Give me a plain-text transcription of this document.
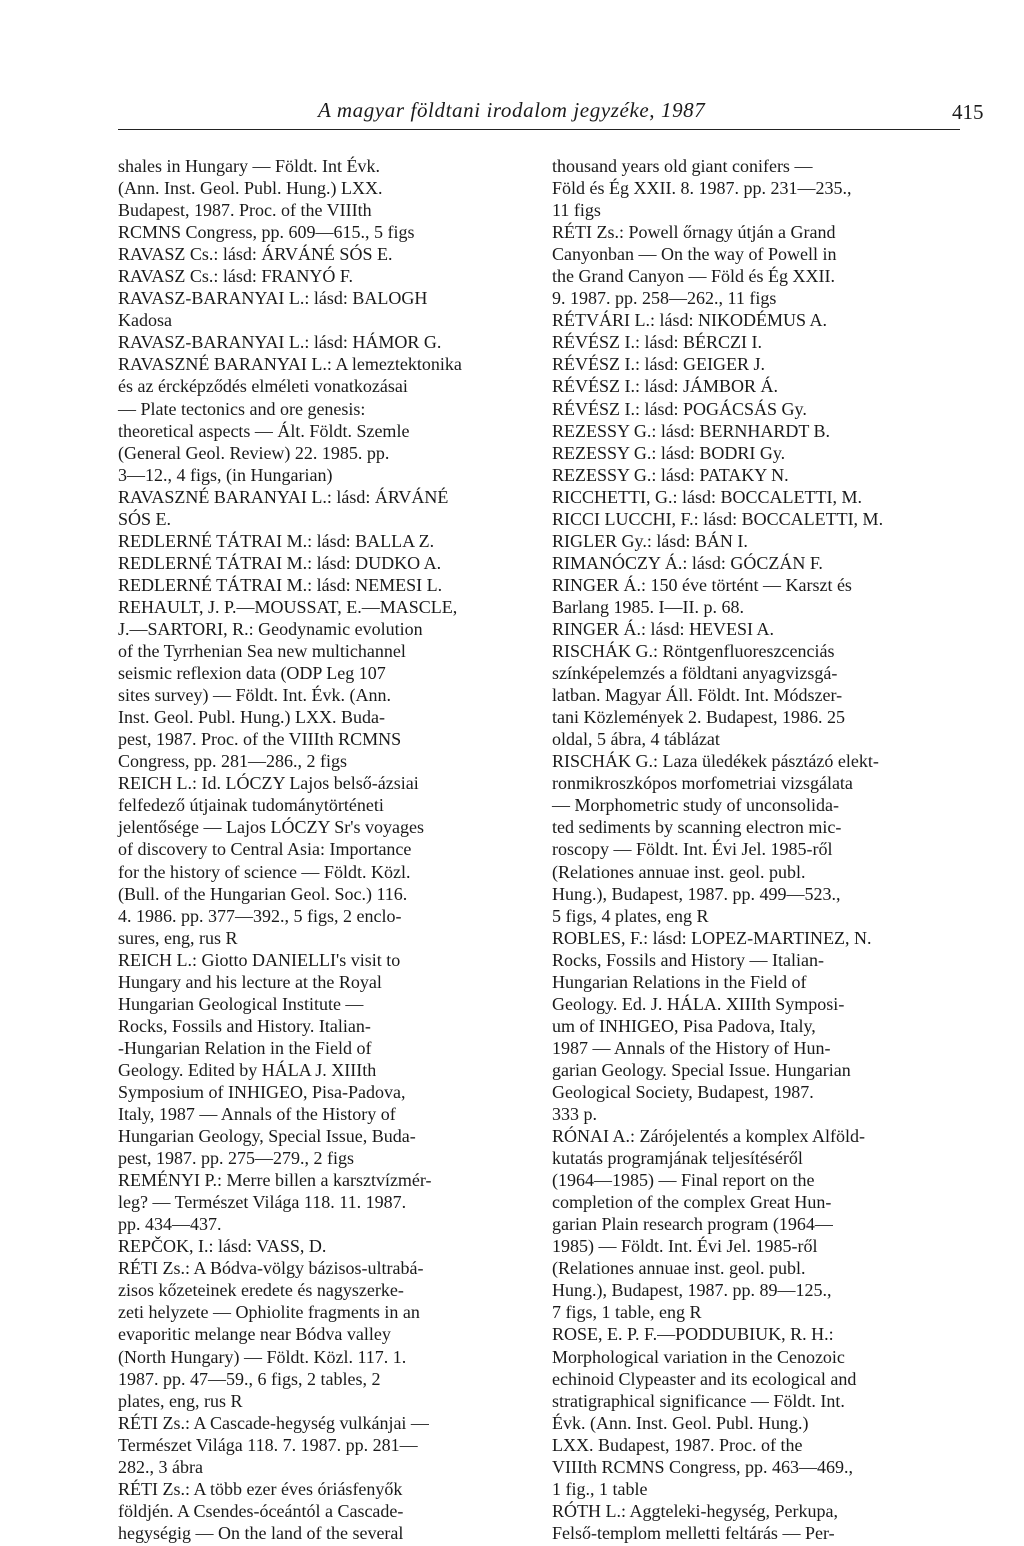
A magyar földtani irodalom jegyzéke, 1987	415
shales in Hungary — Földt. Int Évk.
(Ann. Inst. Geol. Publ. Hung.) LXX.
Budapest, 1987. Proc. of the VIIIth
RCMNS Congress, pp. 609—615., 5 figs
RAVASZ Cs.: lásd: ÁRVÁNÉ SÓS E.
RAVASZ Cs.: lásd: FRANYÓ F.
RAVASZ-BARANYAI L.: lásd: BALOGH
Kadosa
RAVASZ-BARANYAI L.: lásd: HÁMOR G.
RAVASZNÉ BARANYAI L.: A lemeztektonika
és az ércképződés elméleti vonatkozásai
— Plate tectonics and ore genesis:
theoretical aspects — Ált. Földt. Szemle
(General Geol. Review) 22. 1985. pp.
3—12., 4 figs, (in Hungarian)
RAVASZNÉ BARANYAI L.: lásd: ÁRVÁNÉ
SÓS E.
REDLERNÉ TÁTRAI M.: lásd: BALLA Z.
REDLERNÉ TÁTRAI M.: lásd: DUDKO A.
REDLERNÉ TÁTRAI M.: lásd: NEMESI L.
REHAULT, J. P.—MOUSSAT, E.—MASCLE,
J.—SARTORI, R.: Geodynamic evolution
of the Tyrrhenian Sea new multichannel
seismic reflexion data (ODP Leg 107
sites survey) — Földt. Int. Évk. (Ann.
Inst. Geol. Publ. Hung.) LXX. Buda-
pest, 1987. Proc. of the VIIIth RCMNS
Congress, pp. 281—286., 2 figs
REICH L.: Id. LÓCZY Lajos belső-ázsiai
felfedező útjainak tudománytörténeti
jelentősége — Lajos LÓCZY Sr's voyages
of discovery to Central Asia: Importance
for the history of science — Földt. Közl.
(Bull. of the Hungarian Geol. Soc.) 116.
4. 1986. pp. 377—392., 5 figs, 2 enclo-
sures, eng, rus R
REICH L.: Giotto DANIELLI's visit to
Hungary and his lecture at the Royal
Hungarian Geological Institute —
Rocks, Fossils and History. Italian-
-Hungarian Relation in the Field of
Geology. Edited by HÁLA J. XIIIth
Symposium of INHIGEO, Pisa-Padova,
Italy, 1987 — Annals of the History of
Hungarian Geology, Special Issue, Buda-
pest, 1987. pp. 275—279., 2 figs
REMÉNYI P.: Merre billen a karsztvízmér-
leg? — Természet Világa 118. 11. 1987.
pp. 434—437.
REPČOK, I.: lásd: VASS, D.
RÉTI Zs.: A Bódva-völgy bázisos-ultrabá-
zisos kőzeteinek eredete és nagyszerke-
zeti helyzete — Ophiolite fragments in an
evaporitic melange near Bódva valley
(North Hungary) — Földt. Közl. 117. 1.
1987. pp. 47—59., 6 figs, 2 tables, 2
plates, eng, rus R
RÉTI Zs.: A Cascade-hegység vulkánjai —
Természet Világa 118. 7. 1987. pp. 281—
282., 3 ábra
RÉTI Zs.: A több ezer éves óriásfenyők
földjén. A Csendes-óceántól a Cascade-
hegységig — On the land of the several
thousand years old giant conifers —
Föld és Ég XXII. 8. 1987. pp. 231—235.,
11 figs
RÉTI Zs.: Powell őrnagy útján a Grand
Canyonban — On the way of Powell in
the Grand Canyon — Föld és Ég XXII.
9. 1987. pp. 258—262., 11 figs
RÉTVÁRI L.: lásd: NIKODÉMUS A.
RÉVÉSZ I.: lásd: BÉRCZI I.
RÉVÉSZ I.: lásd: GEIGER J.
RÉVÉSZ I.: lásd: JÁMBOR Á.
RÉVÉSZ I.: lásd: POGÁCSÁS Gy.
REZESSY G.: lásd: BERNHARDT B.
REZESSY G.: lásd: BODRI Gy.
REZESSY G.: lásd: PATAKY N.
RICCHETTI, G.: lásd: BOCCALETTI, M.
RICCI LUCCHI, F.: lásd: BOCCALETTI, M.
RIGLER Gy.: lásd: BÁN I.
RIMANÓCZY Á.: lásd: GÓCZÁN F.
RINGER Á.: 150 éve történt — Karszt és
Barlang 1985. I—II. p. 68.
RINGER Á.: lásd: HEVESI A.
RISCHÁK G.: Röntgenfluoreszcenciás
színképelemzés a földtani anyagvizsgá-
latban. Magyar Áll. Földt. Int. Módszer-
tani Közlemények 2. Budapest, 1986. 25
oldal, 5 ábra, 4 táblázat
RISCHÁK G.: Laza üledékek pásztázó elekt-
ronmikroszkópos morfometriai vizsgálata
— Morphometric study of unconsolida-
ted sediments by scanning electron mic-
roscopy — Földt. Int. Évi Jel. 1985-ről
(Relationes annuae inst. geol. publ.
Hung.), Budapest, 1987. pp. 499—523.,
5 figs, 4 plates, eng R
ROBLES, F.: lásd: LOPEZ-MARTINEZ, N.
Rocks, Fossils and History — Italian-
Hungarian Relations in the Field of
Geology. Ed. J. HÁLA. XIIIth Symposi-
um of INHIGEO, Pisa Padova, Italy,
1987 — Annals of the History of Hun-
garian Geology. Special Issue. Hungarian
Geological Society, Budapest, 1987.
333 p.
RÓNAI A.: Zárójelentés a komplex Alföld-
kutatás programjának teljesítéséről
(1964—1985) — Final report on the
completion of the complex Great Hun-
garian Plain research program (1964—
1985) — Földt. Int. Évi Jel. 1985-ről
(Relationes annuae inst. geol. publ.
Hung.), Budapest, 1987. pp. 89—125.,
7 figs, 1 table, eng R
ROSE, E. P. F.—PODDUBIUK, R. H.:
Morphological variation in the Cenozoic
echinoid Clypeaster and its ecological and
stratigraphical significance — Földt. Int.
Évk. (Ann. Inst. Geol. Publ. Hung.)
LXX. Budapest, 1987. Proc. of the
VIIIth RCMNS Congress, pp. 463—469.,
1 fig., 1 table
RÓTH L.: Aggteleki-hegység, Perkupa,
Felső-templom melletti feltárás — Per-
